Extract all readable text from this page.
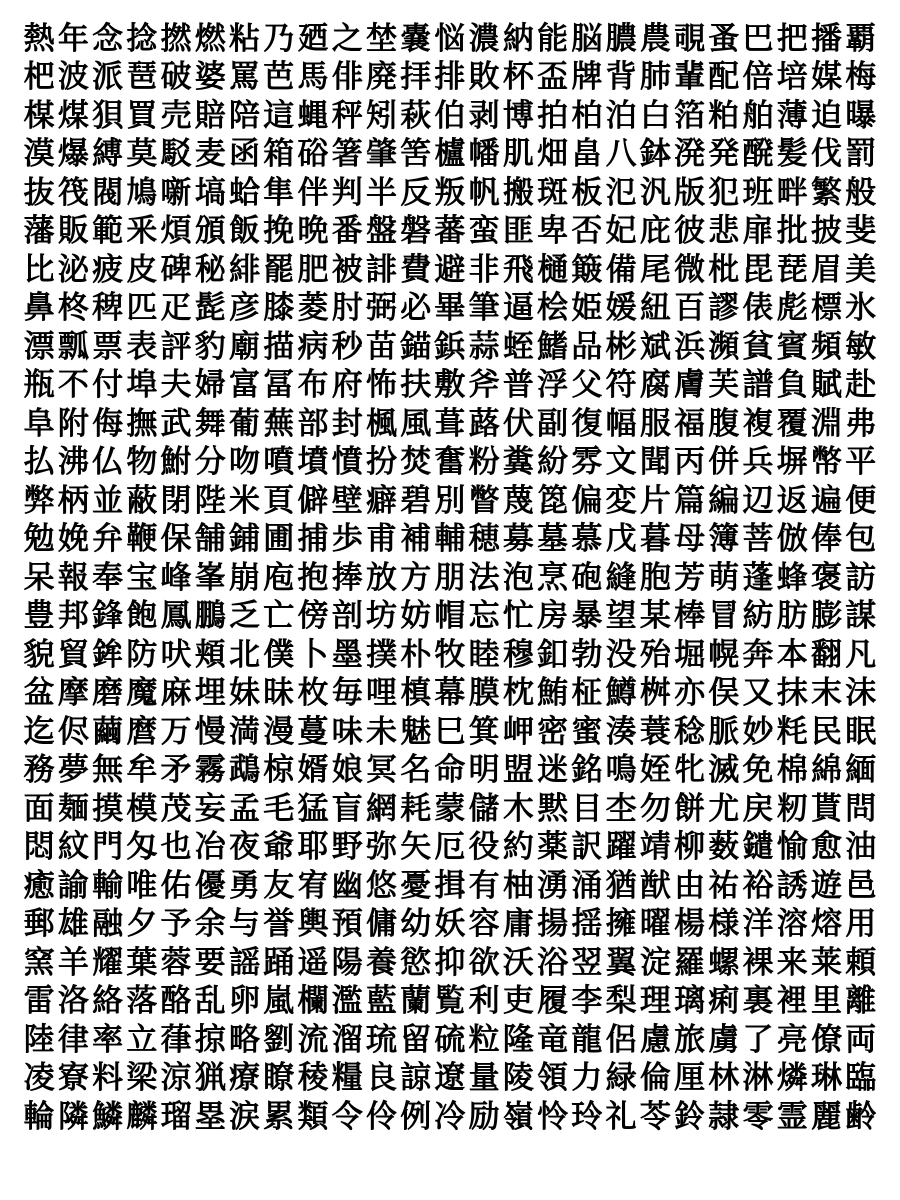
熱 年 念 捻 撚 燃 粘 乃 廼 之 埜 嚢 悩 濃 納 能 脳 膿 農 覗 蚤 巴 把 播 覇
杷 波 派 琶 破 婆 罵 芭 馬 俳 廃 拝 排 敗 杯 盃 牌 背 肺 輩 配 倍 培 媒 梅
楳 煤 狽 買 売 賠 陪 這 蝿 秤 矧 萩 伯 剥 博 拍 柏 泊 白 箔 粕 舶 薄 迫 曝
漠 爆 縛 莫 駁 麦 函 箱 硲 箸 肇 筈 櫨 幡 肌 畑 畠 八 鉢 溌 発 醗 髪 伐 罰
抜 筏 閥 鳩 噺 塙 蛤 隼 伴 判 半 反 叛 帆 搬 斑 板 氾 汎 版 犯 班 畔 繁 般
藩 販 範 釆 煩 頒 飯 挽 晩 番 盤 磐 蕃 蛮 匪 卑 否 妃 庇 彼 悲 扉 批 披 斐
比 泌 疲 皮 碑 秘 緋 罷 肥 被 誹 費 避 非 飛 樋 簸 備 尾 微 枇 毘 琵 眉 美
鼻 柊 稗 匹 疋 髭 彦 膝 菱 肘 弼 必 畢 筆 逼 桧 姫 媛 紐 百 謬 俵 彪 標 氷
漂 瓢 票 表 評 豹 廟 描 病 秒 苗 錨 鋲 蒜 蛭 鰭 品 彬 斌 浜 瀕 貧 賓 頻 敏
瓶 不 付 埠 夫 婦 富 冨 布 府 怖 扶 敷 斧 普 浮 父 符 腐 膚 芙 譜 負 賦 赴
阜 附 侮 撫 武 舞 葡 蕪 部 封 楓 風 葺 蕗 伏 副 復 幅 服 福 腹 複 覆 淵 弗
払 沸 仏 物 鮒 分 吻 噴 墳 憤 扮 焚 奮 粉 糞 紛 雰 文 聞 丙 併 兵 塀 幣 平
弊 柄 並 蔽 閉 陛 米 頁 僻 壁 癖 碧 別 瞥 蔑 箆 偏 変 片 篇 編 辺 返 遍 便
勉 娩 弁 鞭 保 舗 鋪 圃 捕 歩 甫 補 輔 穂 募 墓 慕 戊 暮 母 簿 菩 倣 俸 包
呆 報 奉 宝 峰 峯 崩 庖 抱 捧 放 方 朋 法 泡 烹 砲 縫 胞 芳 萌 蓬 蜂 褒 訪
豊 邦 鋒 飽 鳳 鵬 乏 亡 傍 剖 坊 妨 帽 忘 忙 房 暴 望 某 棒 冒 紡 肪 膨 謀
貌 貿 鉾 防 吠 頬 北 僕 卜 墨 撲 朴 牧 睦 穆 釦 勃 没 殆 堀 幌 奔 本 翻 凡
盆 摩 磨 魔 麻 埋 妹 昧 枚 毎 哩 槙 幕 膜 枕 鮪 柾 鱒 桝 亦 俣 又 抹 末 沫
迄 侭 繭 麿 万 慢 満 漫 蔓 味 未 魅 巳 箕 岬 密 蜜 湊 蓑 稔 脈 妙 粍 民 眠
務 夢 無 牟 矛 霧 鵡 椋 婿 娘 冥 名 命 明 盟 迷 銘 鳴 姪 牝 滅 免 棉 綿 緬
面 麺 摸 模 茂 妄 孟 毛 猛 盲 網 耗 蒙 儲 木 黙 目 杢 勿 餅 尤 戻 籾 貰 問
悶 紋 門 匁 也 冶 夜 爺 耶 野 弥 矢 厄 役 約 薬 訳 躍 靖 柳 薮 鑓 愉 愈 油
癒 諭 輸 唯 佑 優 勇 友 宥 幽 悠 憂 揖 有 柚 湧 涌 猶 猷 由 祐 裕 誘 遊 邑
郵 雄 融 夕 予 余 与 誉 輿 預 傭 幼 妖 容 庸 揚 揺 擁 曜 楊 様 洋 溶 熔 用
窯 羊 耀 葉 蓉 要 謡 踊 遥 陽 養 慾 抑 欲 沃 浴 翌 翼 淀 羅 螺 裸 来 莱 頼
雷 洛 絡 落 酪 乱 卵 嵐 欄 濫 藍 蘭 覧 利 吏 履 李 梨 理 璃 痢 裏 裡 里 離
陸 律 率 立 葎 掠 略 劉 流 溜 琉 留 硫 粒 隆 竜 龍 侶 慮 旅 虜 了 亮 僚 両
凌 寮 料 梁 涼 猟 療 瞭 稜 糧 良 諒 遼 量 陵 領 力 緑 倫 厘 林 淋 燐 琳 臨
輪 隣 鱗 麟 瑠 塁 涙 累 類 令 伶 例 冷 励 嶺 怜 玲 礼 苓 鈴 隷 零 霊 麗 齢
